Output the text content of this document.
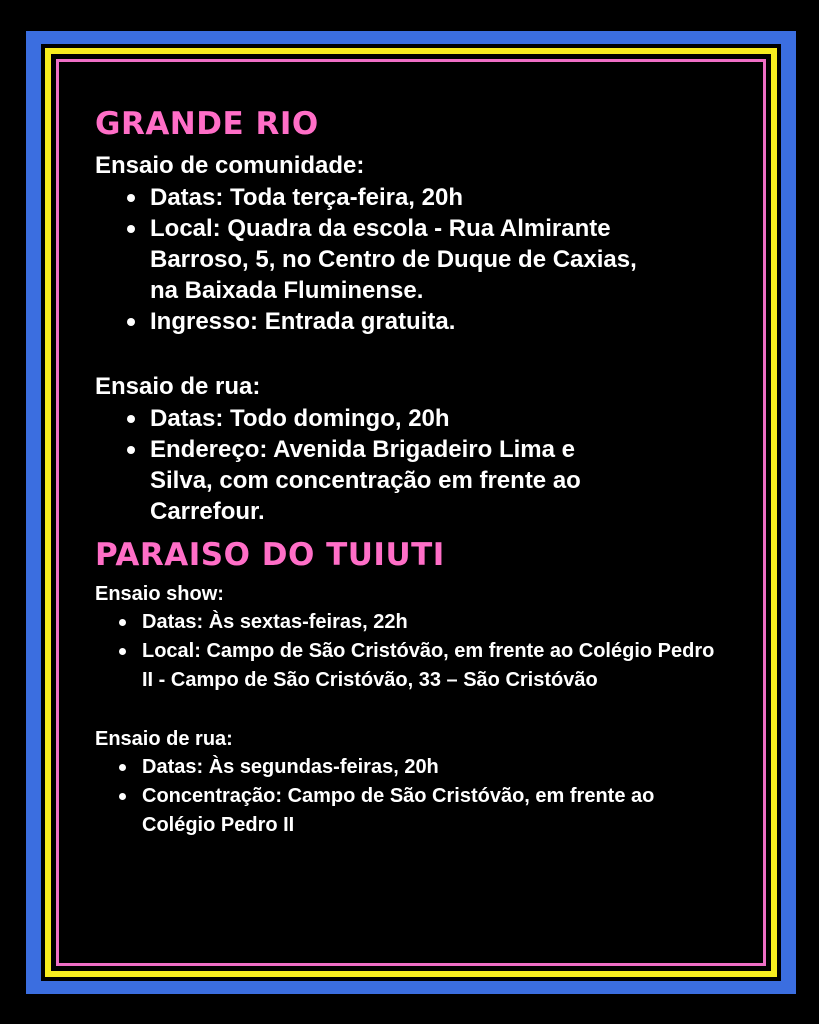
GRANDE RIO

Ensaio de comunidade:

Datas: Toda terça-feira, 20h
Local: Quadra da escola - Rua Almirante Barroso, 5, no Centro de Duque de Caxias, na Baixada Fluminense.
Ingresso: Entrada gratuita.

Ensaio de rua:

Datas: Todo domingo, 20h
Endereço: Avenida Brigadeiro Lima e Silva, com concentração em frente ao Carrefour.
PARAISO DO TUIUTI

Ensaio show:

Datas: Às sextas-feiras, 22h
Local: Campo de São Cristóvão, em frente ao Colégio Pedro II - Campo de São Cristóvão, 33 – São Cristóvão

Ensaio de rua:

Datas: Às segundas-feiras, 20h
Concentração: Campo de São Cristóvão, em frente ao Colégio Pedro II
